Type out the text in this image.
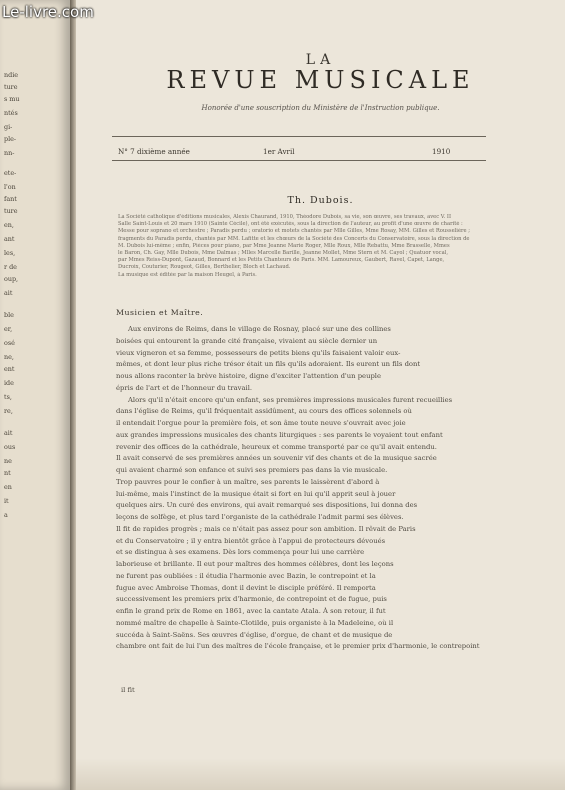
ndie
ture
s mu
ntés
gi-
ple-
nn-
ete-
l'on
fant
ture
en,
ant
les,
r de
oup,
ait
ble
er,
osé
ne,
ent
ide
ts,
re,
ait
ous
ne
nt
en
it
a
LA
REVUE MUSICALE
Honorée d'une souscription du Ministère de l'Instruction publique.
N° 7 dixième année	1er Avril	1910
Th. Dubois.
La Société catholique d'éditions musicales, Alexis Chaurand, 1910, Théodore Dubois, sa vie, son œuvre, ses travaux, avec V. II
Salle Saint-Louis et 20 mars 1910 (Sainte Cécile), ont été exécutés, sous la direction de l'auteur, au profit d'une œuvre de charité :
Messe pour soprano et orchestre ; Paradis perdu ; oratorio et motets chantés par Mlle Gilles, Mme Rosay, MM. Gilles et Rousselière ;
fragments du Paradis perdu, chantés par MM. Lafitte et les chœurs de la Société des Concerts du Conservatoire, sous la direction de
M. Dubois lui-même ; enfin, Pièces pour piano, par Mme Jeanne Marie Roger, Mlle Roux, Mlle Rebattu, Mme Brasselle, Mmes
le Baron, Ch. Gay, Mlle Dubois, Mme Dalmas ; Mlles Marcelle Barille, Jeanne Mollet, Mme Stern et M. Cayol ; Quatuor vocal,
par Mmes Reiss-Dupont, Gazaud, Bonnard et les Petits Chanteurs de Paris. MM. Lamoureux, Gaubert, Ravel, Capet, Lange,
Ducroix, Couturier, Rougeot, Gilles, Berthelier, Bloch et Lachaud.
La musique est éditée par la maison Heugel, à Paris.
Musicien et Maître.
Aux environs de Reims, dans le village de Rosnay, placé sur une des collines
boisées qui entourent la grande cité française, vivaient au siècle dernier un
vieux vigneron et sa femme, possesseurs de petits biens qu'ils faisaient valoir eux-
mêmes, et dont leur plus riche trésor était un fils qu'ils adoraient. Ils eurent un fils dont
nous allons raconter la brève histoire, digne d'exciter l'attention d'un peuple
épris de l'art et de l'honneur du travail.
Alors qu'il n'était encore qu'un enfant, ses premières impressions musicales furent recueillies
dans l'église de Reims, qu'il fréquentait assidûment, au cours des offices solennels où
il entendait l'orgue pour la première fois, et son âme toute neuve s'ouvrait avec joie
aux grandes impressions musicales des chants liturgiques : ses parents le voyaient tout enfant
revenir des offices de la cathédrale, heureux et comme transporté par ce qu'il avait entendu.
Il avait conservé de ses premières années un souvenir vif des chants et de la musique sacrée
qui avaient charmé son enfance et suivi ses premiers pas dans la vie musicale.
Trop pauvres pour le confier à un maître, ses parents le laissèrent d'abord à
lui-même, mais l'instinct de la musique était si fort en lui qu'il apprit seul à jouer
quelques airs. Un curé des environs, qui avait remarqué ses dispositions, lui donna des
leçons de solfège, et plus tard l'organiste de la cathédrale l'admit parmi ses élèves.
Il fit de rapides progrès ; mais ce n'était pas assez pour son ambition. Il rêvait de Paris
et du Conservatoire ; il y entra bientôt grâce à l'appui de protecteurs dévoués
et se distingua à ses examens. Dès lors commença pour lui une carrière
laborieuse et brillante. Il eut pour maîtres des hommes célèbres, dont les leçons
ne furent pas oubliées : il étudia l'harmonie avec Bazin, le contrepoint et la
fugue avec Ambroise Thomas, dont il devint le disciple préféré. Il remporta
successivement les premiers prix d'harmonie, de contrepoint et de fugue, puis
enfin le grand prix de Rome en 1861, avec la cantate Atala. À son retour, il fut
nommé maître de chapelle à Sainte-Clotilde, puis organiste à la Madeleine, où il
succéda à Saint-Saëns. Ses œuvres d'église, d'orgue, de chant et de musique de
chambre ont fait de lui l'un des maîtres de l'école française, et le premier prix d'harmonie, le contrepoint
il fit
Le-livre.com
